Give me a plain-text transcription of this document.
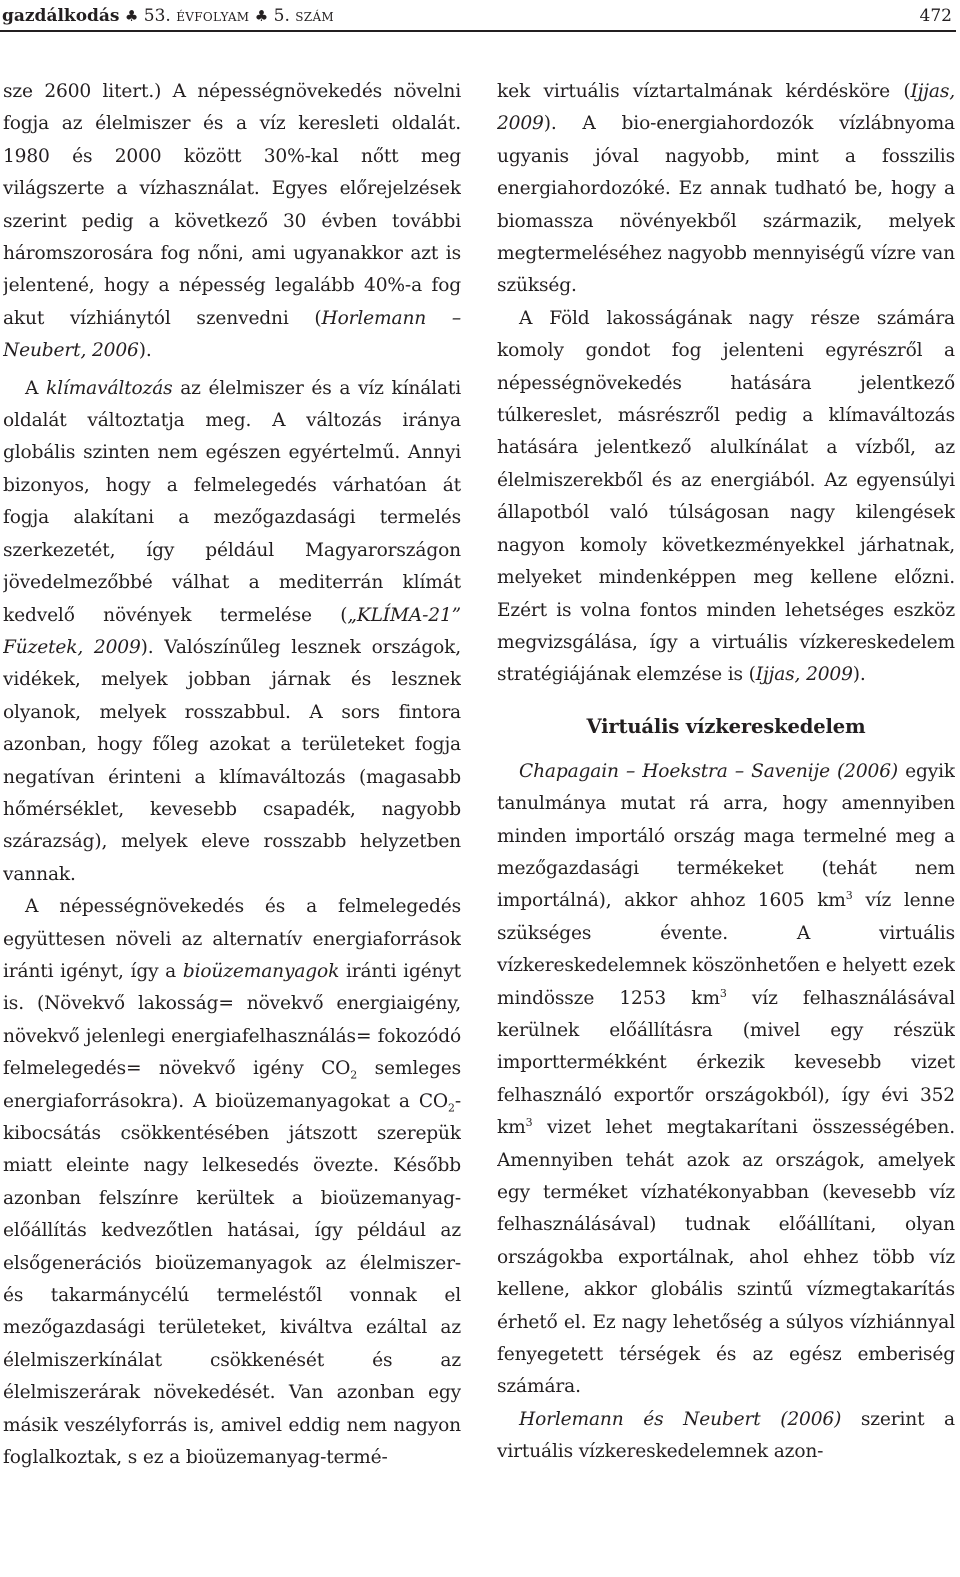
gazdálkodás ♣ 53. évfolyam ♣ 5. szám	472

sze 2600 litert.) A népességnövekedés növelni fogja az élelmiszer és a víz keresleti oldalát. 1980 és 2000 között 30%-kal nőtt meg világszerte a vízhasználat. Egyes előrejelzések szerint pedig a következő 30 évben további háromszorosára fog nőni, ami ugyanakkor azt is jelentené, hogy a népesség legalább 40%-a fog akut vízhiánytól szenvedni (Horlemann – Neubert, 2006).

A klímaváltozás az élelmiszer és a víz kínálati oldalát változtatja meg. A változás iránya globális szinten nem egészen egyértelmű. Annyi bizonyos, hogy a felmelegedés várhatóan át fogja alakítani a mezőgazdasági termelés szerkezetét, így például Magyarországon jövedelmezőbbé válhat a mediterrán klímát kedvelő növények termelése („KLÍMA-21” Füzetek, 2009). Valószínűleg lesznek országok, vidékek, melyek jobban járnak és lesznek olyanok, melyek rosszabbul. A sors fintora azonban, hogy főleg azokat a területeket fogja negatívan érinteni a klímaváltozás (magasabb hőmérséklet, kevesebb csapadék, nagyobb szárazság), melyek eleve rosszabb helyzetben vannak.

A népességnövekedés és a felmelegedés együttesen növeli az alternatív energiaforrások iránti igényt, így a bioüzemanyagok iránti igényt is. (Növekvő lakosság= növekvő energiaigény, növekvő jelenlegi energiafelhasználás= fokozódó felmelegedés= növekvő igény $CO_2$ semleges energiaforrásokra). A bioüzemanyagokat a $CO_2$-kibocsátás csökkentésében játszott szerepük miatt eleinte nagy lelkesedés övezte. Később azonban felszínre kerültek a bioüzemanyag-előállítás kedvezőtlen hatásai, így például az elsőgenerációs bioüzemanyagok az élelmiszer- és takarmánycélú termeléstől vonnak el mezőgazdasági területeket, kiváltva ezáltal az élelmiszerkínálat csökkenését és az élelmiszerárak növekedését. Van azonban egy másik veszélyforrás is, amivel eddig nem nagyon foglalkoztak, s ez a bioüzemanyag-termé-

kek virtuális víztartalmának kérdésköre (Ijjas, 2009). A bio-energiahordozók vízlábnyoma ugyanis jóval nagyobb, mint a fosszilis energiahordozóké. Ez annak tudható be, hogy a biomassza növényekből származik, melyek megtermeléséhez nagyobb mennyiségű vízre van szükség.

A Föld lakosságának nagy része számára komoly gondot fog jelenteni egyrészről a népességnövekedés hatására jelentkező túlkereslet, másrészről pedig a klímaváltozás hatására jelentkező alulkínálat a vízből, az élelmiszerekből és az energiából. Az egyensúlyi állapotból való túlságosan nagy kilengések nagyon komoly következményekkel járhatnak, melyeket mindenképpen meg kellene előzni. Ezért is volna fontos minden lehetséges eszköz megvizsgálása, így a virtuális vízkereskedelem stratégiájának elemzése is (Ijjas, 2009).

Virtuális vízkereskedelem

Chapagain – Hoekstra – Savenije (2006) egyik tanulmánya mutat rá arra, hogy amennyiben minden importáló ország maga termelné meg a mezőgazdasági termékeket (tehát nem importálná), akkor ahhoz 1605 $km^3$ víz lenne szükséges évente. A virtuális vízkereskedelemnek köszönhetően e helyett ezek mindössze 1253 $km^3$ víz felhasználásával kerülnek előállításra (mivel egy részük importtermékként érkezik kevesebb vizet felhasználó exportőr országokból), így évi 352 $km^3$ vizet lehet megtakarítani összességében. Amennyiben tehát azok az országok, amelyek egy terméket vízhatékonyabban (kevesebb víz felhasználásával) tudnak előállítani, olyan országokba exportálnak, ahol ehhez több víz kellene, akkor globális szintű vízmegtakarítás érhető el. Ez nagy lehetőség a súlyos vízhiánnyal fenyegetett térségek és az egész emberiség számára.

Horlemann és Neubert (2006) szerint a virtuális vízkereskedelemnek azon-
